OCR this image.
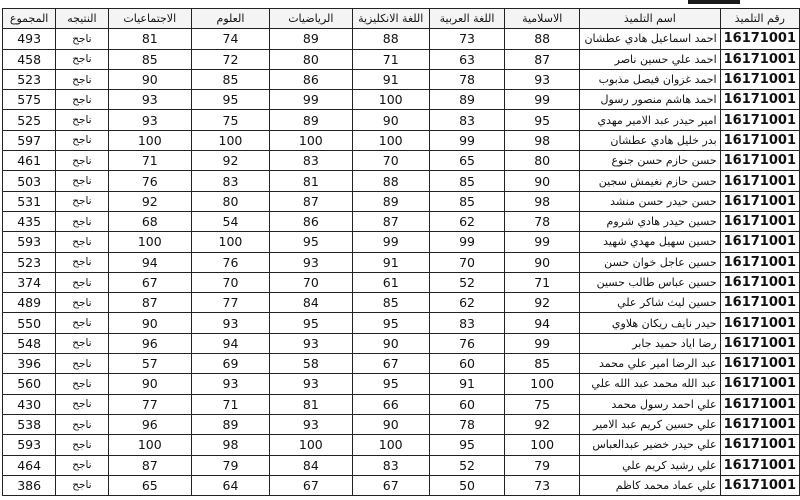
رقم التلميذ	اسم التلميذ	الاسلامية	اللغة العربية	اللغة الانكليزية	الرياضيات	العلوم	الاجتماعيات	النتيجه	المجموع
16171001	احمد اسماعيل هادي عطشان	88	73	88	89	74	81	ناجح	493
16171001	احمد علي حسين ناصر	87	63	71	80	72	85	ناجح	458
16171001	احمد غزوان فيصل مذبوب	93	78	91	86	85	90	ناجح	523
16171001	احمد هاشم منصور رسول	99	89	100	99	95	93	ناجح	575
16171001	امير حيدر عبد الامير مهدي	95	83	90	89	75	93	ناجح	525
16171001	بدر خليل هادي عطشان	98	99	100	100	100	100	ناجح	597
16171001	حسن حازم حسن جنوع	80	65	70	83	92	71	ناجح	461
16171001	حسن حازم نغيمش سجين	90	85	88	81	83	76	ناجح	503
16171001	حسن حيدر حسن منشد	98	85	89	87	80	92	ناجح	531
16171001	حسين حيدر هادي شروم	78	62	87	86	54	68	ناجح	435
16171001	حسين سهيل مهدي شهيد	99	99	99	95	100	100	ناجح	593
16171001	حسين عاجل خوان حسن	90	70	91	93	76	94	ناجح	523
16171001	حسين عباس طالب حسين	71	52	61	70	70	67	ناجح	374
16171001	حسين ليث شاكر علي	92	62	85	84	77	87	ناجح	489
16171001	حيدر نايف ريكان هلاوي	94	83	95	95	93	90	ناجح	550
16171001	رضا اياد حميد جابر	99	76	90	93	94	96	ناجح	548
16171001	عبد الرضا امير علي محمد	85	60	67	58	69	57	ناجح	396
16171001	عبد الله محمد عبد الله علي	100	91	95	93	93	90	ناجح	560
16171001	علي احمد رسول محمد	75	60	66	81	71	77	ناجح	430
16171001	علي حسين كريم عبد الامير	92	78	90	93	89	96	ناجح	538
16171001	علي حيدر خضير عبدالعباس	100	95	100	100	98	100	ناجح	593
16171001	علي رشيد كريم علي	79	52	83	84	79	87	ناجح	464
16171001	علي عماد محمد كاظم	73	50	67	67	64	65	ناجح	386
